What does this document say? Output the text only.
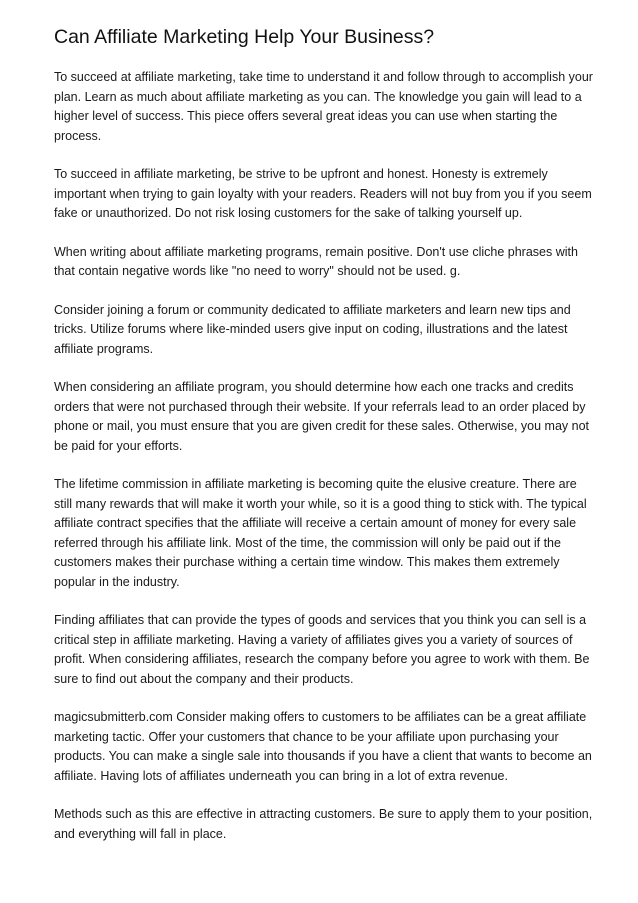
Can Affiliate Marketing Help Your Business?

To succeed at affiliate marketing, take time to understand it and follow through to accomplish your plan. Learn as much about affiliate marketing as you can. The knowledge you gain will lead to a higher level of success. This piece offers several great ideas you can use when starting the process.

To succeed in affiliate marketing, be strive to be upfront and honest. Honesty is extremely important when trying to gain loyalty with your readers. Readers will not buy from you if you seem fake or unauthorized. Do not risk losing customers for the sake of talking yourself up.

When writing about affiliate marketing programs, remain positive. Don't use cliche phrases with that contain negative words like "no need to worry" should not be used. g.

Consider joining a forum or community dedicated to affiliate marketers and learn new tips and tricks. Utilize forums where like-minded users give input on coding, illustrations and the latest affiliate programs.

When considering an affiliate program, you should determine how each one tracks and credits orders that were not purchased through their website. If your referrals lead to an order placed by phone or mail, you must ensure that you are given credit for these sales. Otherwise, you may not be paid for your efforts.

The lifetime commission in affiliate marketing is becoming quite the elusive creature. There are still many rewards that will make it worth your while, so it is a good thing to stick with. The typical affiliate contract specifies that the affiliate will receive a certain amount of money for every sale referred through his affiliate link. Most of the time, the commission will only be paid out if the customers makes their purchase withing a certain time window. This makes them extremely popular in the industry.

Finding affiliates that can provide the types of goods and services that you think you can sell is a critical step in affiliate marketing. Having a variety of affiliates gives you a variety of sources of profit. When considering affiliates, research the company before you agree to work with them. Be sure to find out about the company and their products.

magicsubmitterb.com Consider making offers to customers to be affiliates can be a great affiliate marketing tactic. Offer your customers that chance to be your affiliate upon purchasing your products. You can make a single sale into thousands if you have a client that wants to become an affiliate. Having lots of affiliates underneath you can bring in a lot of extra revenue.

Methods such as this are effective in attracting customers. Be sure to apply them to your position, and everything will fall in place.
